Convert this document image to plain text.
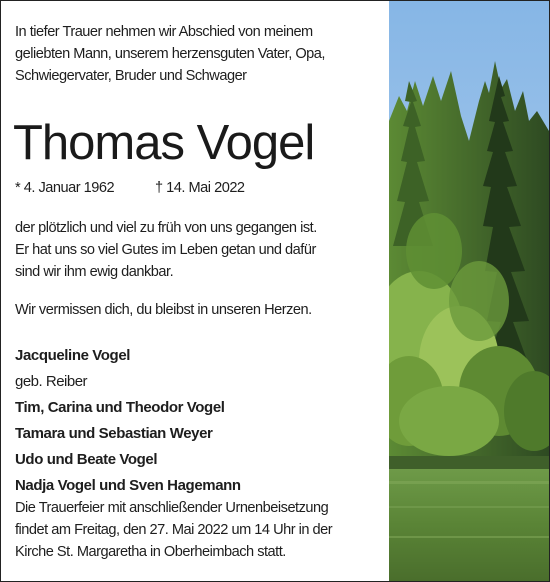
In tiefer Trauer nehmen wir Abschied von meinem
geliebten Mann, unserem herzensguten Vater, Opa,
Schwiegervater, Bruder und Schwager
Thomas Vogel
* 4. Januar 1962	† 14. Mai 2022
der plötzlich und viel zu früh von uns gegangen ist.
Er hat uns so viel Gutes im Leben getan und dafür
sind wir ihm ewig dankbar.
Wir vermissen dich, du bleibst in unseren Herzen.
Jacqueline Vogel
geb. Reiber
Tim, Carina und Theodor Vogel
Tamara und Sebastian Weyer
Udo und Beate Vogel
Nadja Vogel und Sven Hagemann
Die Trauerfeier mit anschließender Urnenbeisetzung
findet am Freitag, den 27. Mai 2022 um 14 Uhr in der
Kirche St. Margaretha in Oberheimbach statt.
